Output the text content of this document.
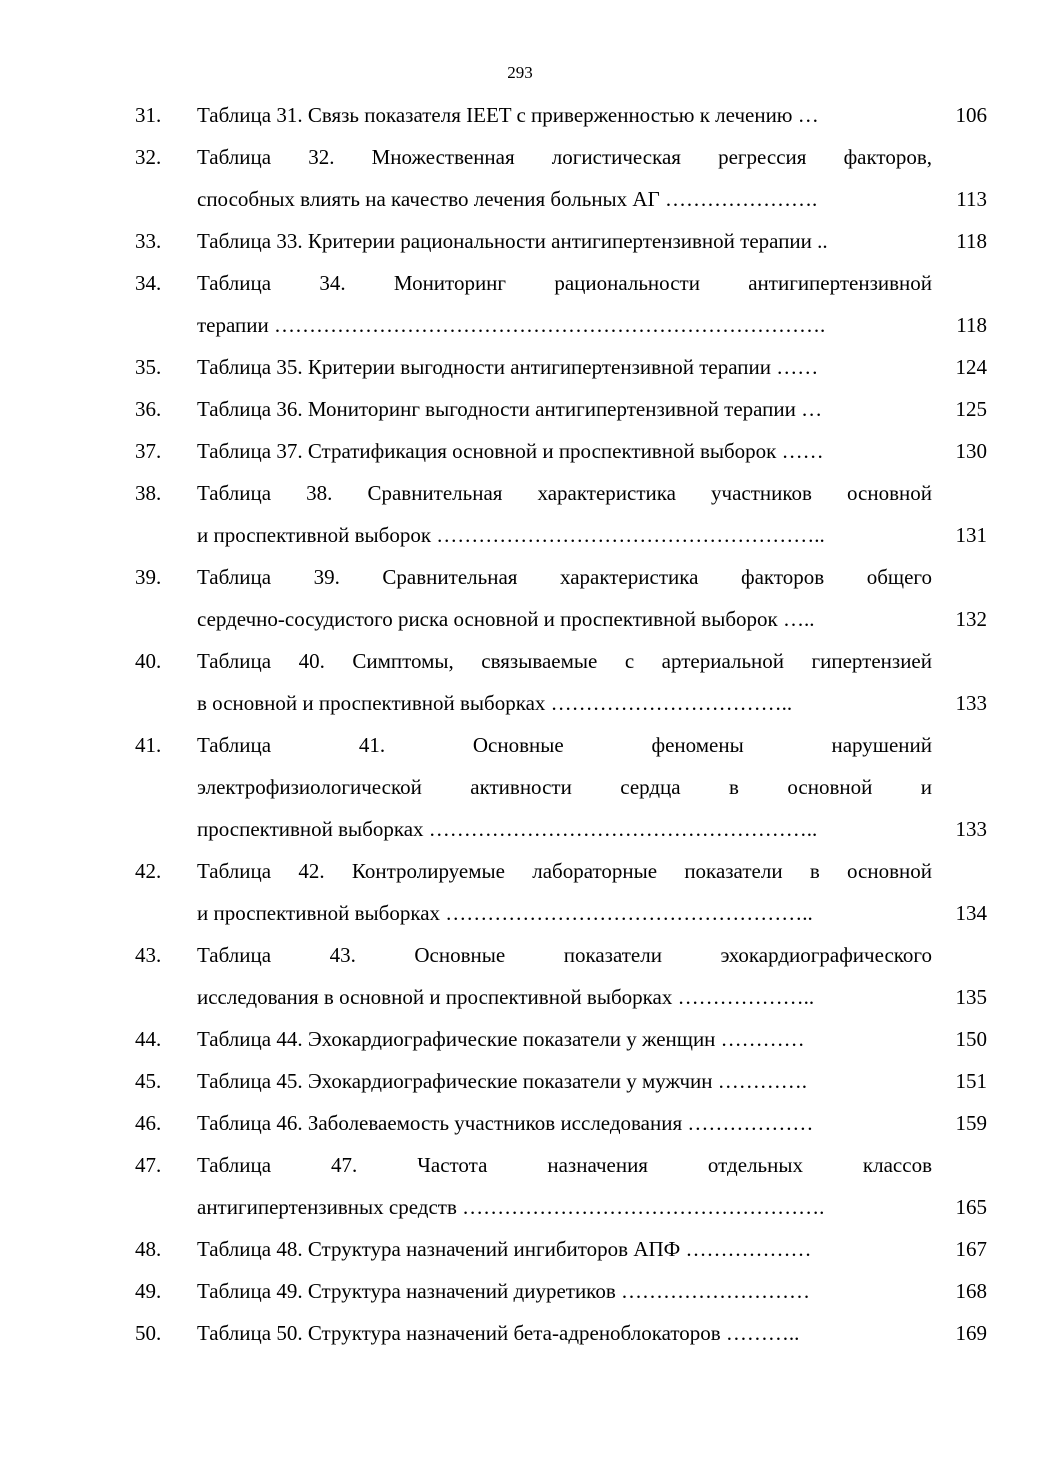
293
31.	Таблица 31. Связь показателя IEET с приверженностью к лечению …	106
32.	Таблица 32. Множественная логистическая регрессия факторов,
способных влиять на качество лечения больных АГ ………………….	113
33.	Таблица 33. Критерии рациональности антигипертензивной терапии ..	118
34.	Таблица 34. Мониторинг рациональности антигипертензивной
терапии …………………………………………………………………….	118
35.	Таблица 35. Критерии выгодности антигипертензивной терапии ……	124
36.	Таблица 36. Мониторинг выгодности антигипертензивной терапии …	125
37.	Таблица 37. Стратификация основной и проспективной выборок ……	130
38.	Таблица 38. Сравнительная характеристика участников основной
и проспективной выборок ………………………………………………..	131
39.	Таблица 39. Сравнительная характеристика факторов общего
сердечно-сосудистого риска основной и проспективной выборок …..	132
40.	Таблица 40. Симптомы, связываемые с артериальной гипертензией
в основной и проспективной выборках ……………………………..	133
41.	Таблица 41. Основные феномены нарушений
электрофизиологической активности сердца в основной и
проспективной выборках ………………………………………………..	133
42.	Таблица 42. Контролируемые лабораторные показатели в основной
и проспективной выборках ……………………………………………..	134
43.	Таблица 43. Основные показатели эхокардиографического
исследования в основной и проспективной выборках ………………..	135
44.	Таблица 44. Эхокардиографические показатели у женщин …………	150
45.	Таблица 45. Эхокардиографические показатели у мужчин ………….	151
46.	Таблица 46. Заболеваемость участников исследования ………………	159
47.	Таблица 47. Частота назначения отдельных классов
антигипертензивных средств …………………………………………….	165
48.	Таблица 48. Структура назначений ингибиторов АПФ ………………	167
49.	Таблица 49. Структура назначений диуретиков ………………………	168
50.	Таблица 50. Структура назначений бета-адреноблокаторов ………..	169
